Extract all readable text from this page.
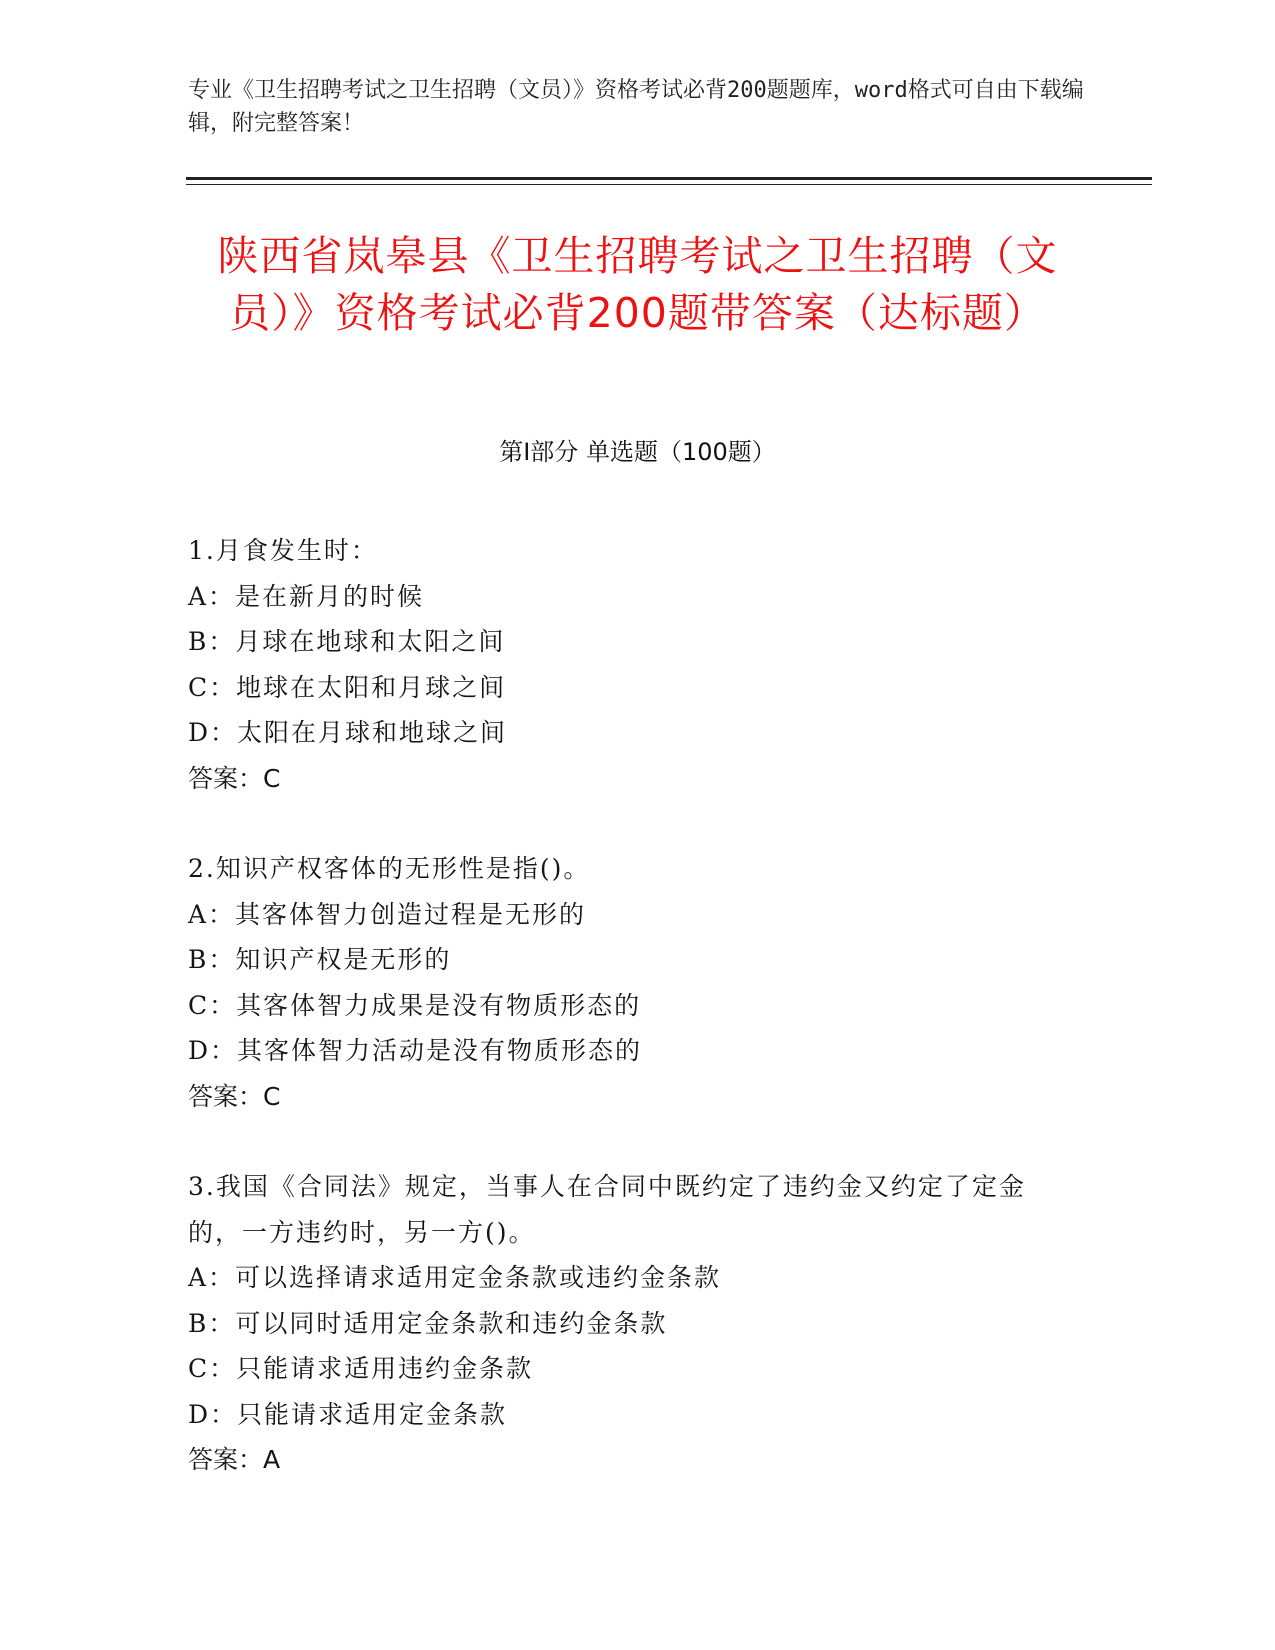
专业《卫生招聘考试之卫生招聘（文员）》资格考试必背200题题库，word格式可自由下载编辑，附完整答案！
陕西省岚皋县《卫生招聘考试之卫生招聘（文员）》资格考试必背200题带答案（达标题）
第Ⅰ部分 单选题（100题）
1.月食发生时：
A：是在新月的时候
B：月球在地球和太阳之间
C：地球在太阳和月球之间
D：太阳在月球和地球之间
答案：C
2.知识产权客体的无形性是指()。
A：其客体智力创造过程是无形的
B：知识产权是无形的
C：其客体智力成果是没有物质形态的
D：其客体智力活动是没有物质形态的
答案：C
3.我国《合同法》规定，当事人在合同中既约定了违约金又约定了定金的，一方违约时，另一方()。
A：可以选择请求适用定金条款或违约金条款
B：可以同时适用定金条款和违约金条款
C：只能请求适用违约金条款
D：只能请求适用定金条款
答案：A
